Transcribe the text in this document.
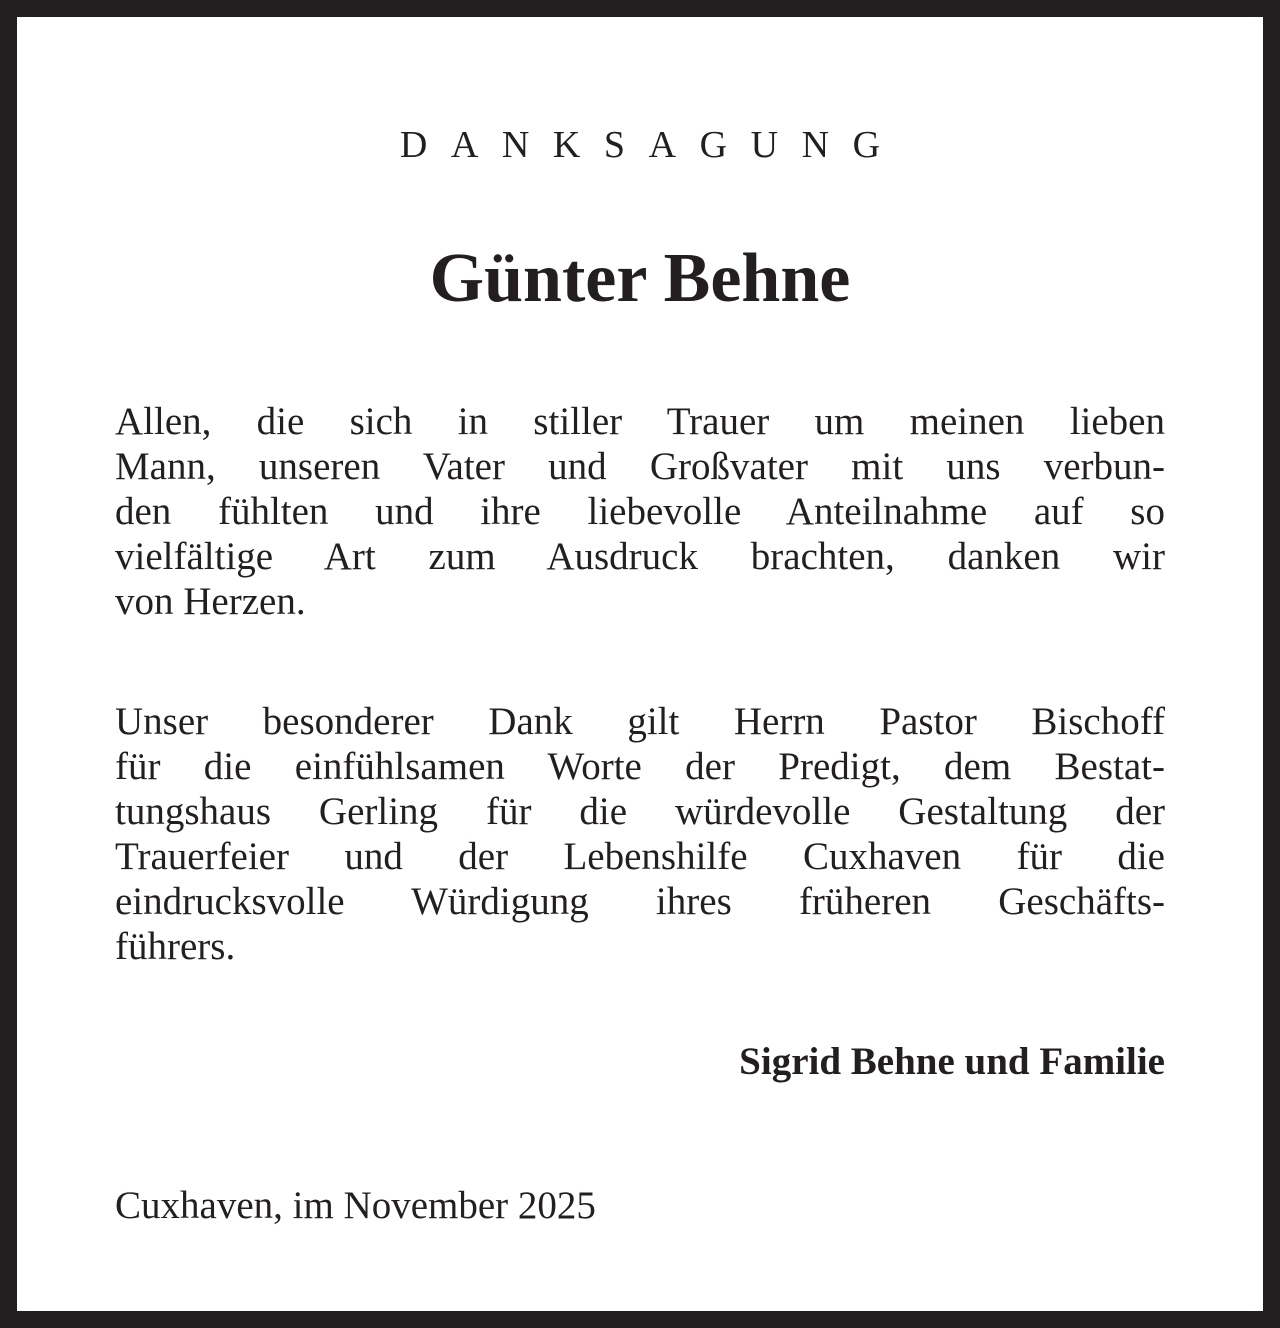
DANKSAGUNG
Günter Behne
Allen, die sich in stiller Trauer um meinen lieben
Mann, unseren Vater und Großvater mit uns verbun-
den fühlten und ihre liebevolle Anteilnahme auf so
vielfältige Art zum Ausdruck brachten, danken wir
von Herzen.
Unser besonderer Dank gilt Herrn Pastor Bischoff
für die einfühlsamen Worte der Predigt, dem Bestat-
tungshaus Gerling für die würdevolle Gestaltung der
Trauerfeier und der Lebenshilfe Cuxhaven für die
eindrucksvolle Würdigung ihres früheren Geschäfts-
führers.
Sigrid Behne und Familie
Cuxhaven, im November 2025
